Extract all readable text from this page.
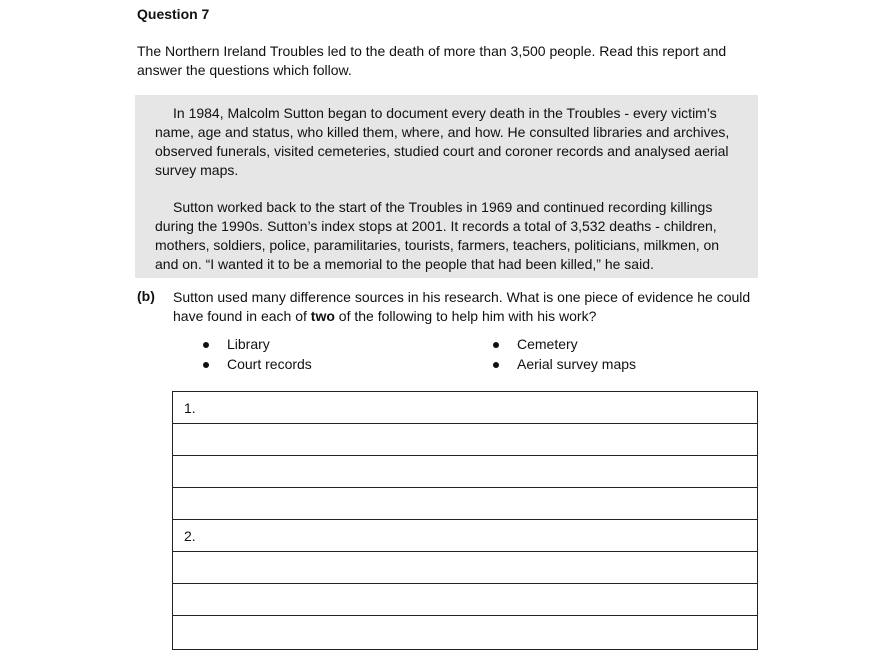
Question 7

The Northern Ireland Troubles led to the death of more than 3,500 people. Read this report and answer the questions which follow.

In 1984, Malcolm Sutton began to document every death in the Troubles - every victim’s name, age and status, who killed them, where, and how. He consulted libraries and archives, observed funerals, visited cemeteries, studied court and coroner records and analysed aerial survey maps.

Sutton worked back to the start of the Troubles in 1969 and continued recording killings during the 1990s. Sutton’s index stops at 2001. It records a total of 3,532 deaths - children, mothers, soldiers, police, paramilitaries, tourists, farmers, teachers, politicians, milkmen, on and on. “I wanted it to be a memorial to the people that had been killed,” he said.

(b) Sutton used many difference sources in his research. What is one piece of evidence he could have found in each of two of the following to help him with his work?

Library	Cemetery
Court records	Aerial survey maps
1.
2.
